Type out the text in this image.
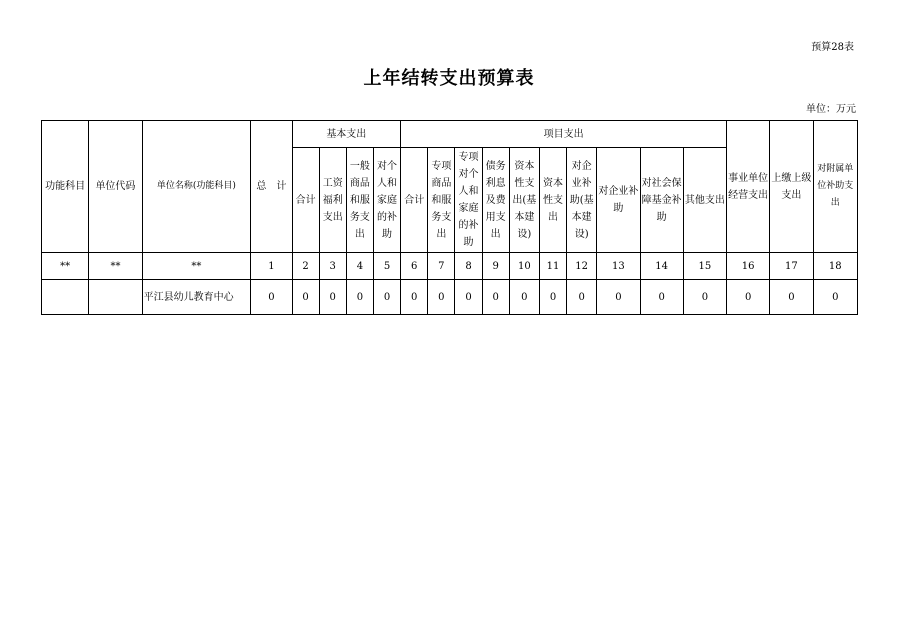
预算28表
上年结转支出预算表
单位：万元
功能科目	单位代码	单位名称(功能科目)	总　计	基本支出				项目支出										事业单位经营支出	上缴上级支出	对附属单位补助支出
				合计	工资福利支出	一般商品和服务支出	对个人和家庭的补助	合计	专项商品和服务支出	专项对个人和家庭的补助	债务利息及费用支出	资本性支出(基本建设)	资本性支出	对企业补助(基本建设)	对企业补助	对社会保障基金补助	其他支出			
**	**	**	1	2	3	4	5	6	7	8	9	10	11	12	13	14	15	16	17	18
		平江县幼儿教育中心	0	0	0	0	0	0	0	0	0	0	0	0	0	0	0	0	0	0
